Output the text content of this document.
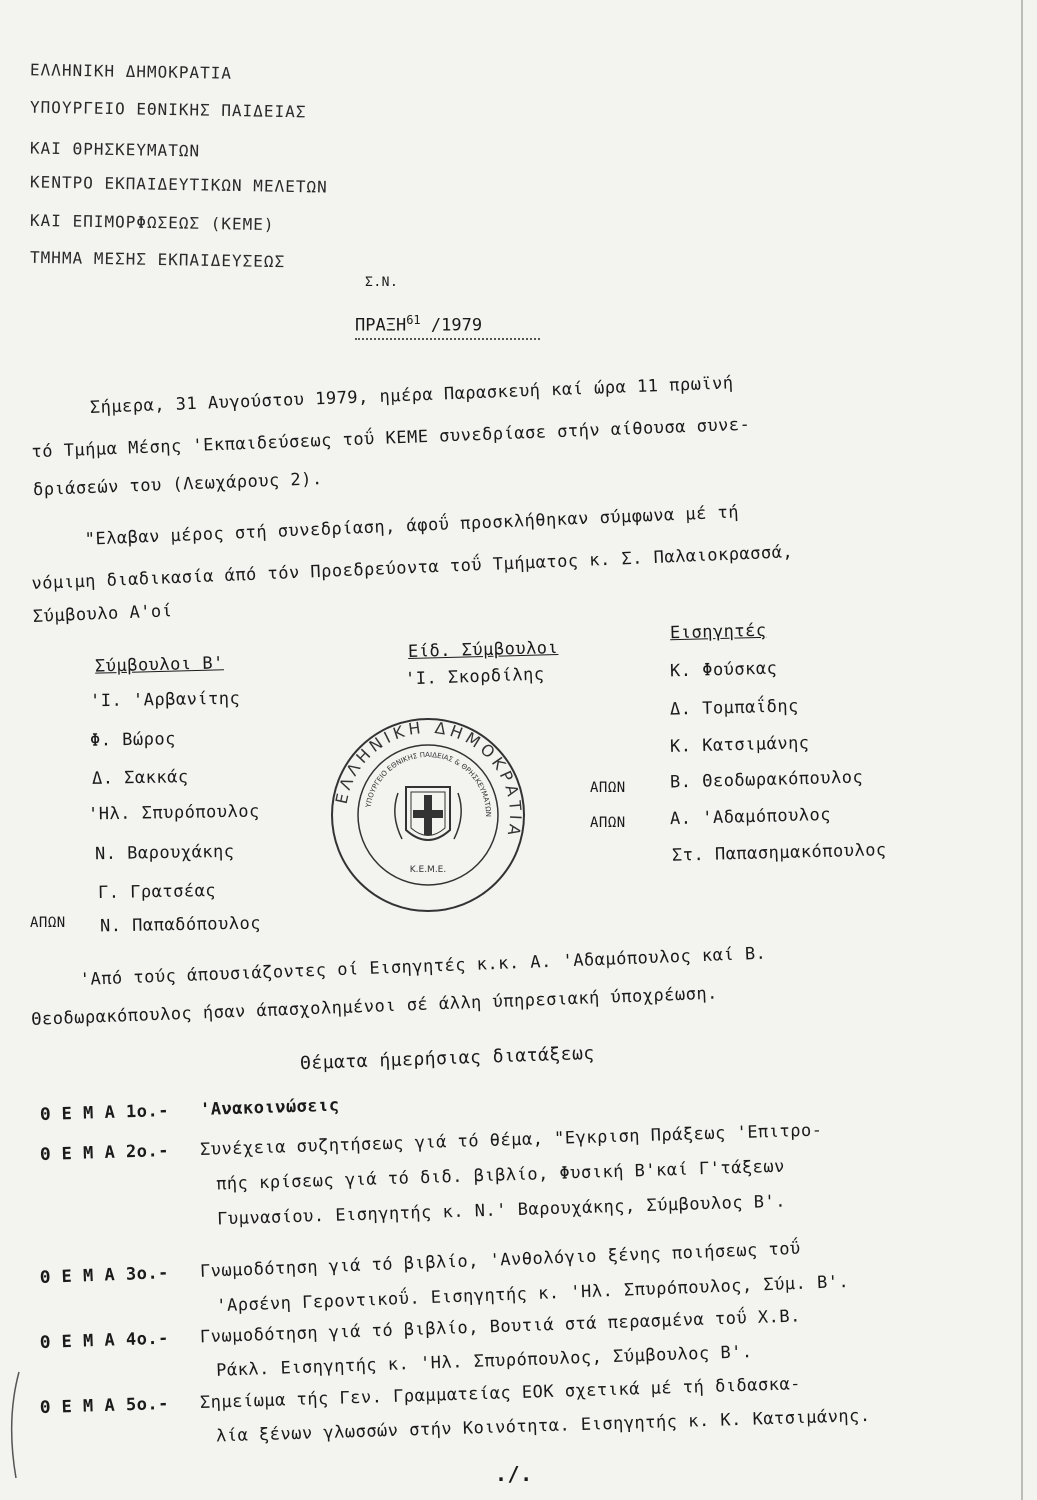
ΕΛΛΗΝΙΚΗ ΔΗΜΟΚΡΑΤΙΑ
ΥΠΟΥΡΓΕΙΟ ΕΘΝΙΚΗΣ ΠΑΙΔΕΙΑΣ
ΚΑΙ ΘΡΗΣΚΕΥΜΑΤΩΝ
ΚΕΝΤΡΟ ΕΚΠΑΙΔΕΥΤΙΚΩΝ ΜΕΛΕΤΩΝ
ΚΑΙ ΕΠΙΜΟΡΦΩΣΕΩΣ (ΚΕΜΕ)
ΤΜΗΜΑ ΜΕΣΗΣ ΕΚΠΑΙΔΕΥΣΕΩΣ
Σ.Ν.
ΠΡΑΞΗ$^{61}$ /1979
Σήμερα, 31 Αυγούστου 1979, ημέρα Παρασκευή καί ώρα 11 πρωϊνή
τό Τμήμα Μέσης 'Εκπαιδεύσεως τοΰ ΚΕΜΕ συνεδρίασε στήν αίθουσα συνε-
δριάσεών του (Λεωχάρους 2).
"Ελαβαν μέρος στή συνεδρίαση, άφοΰ προσκλήθηκαν σύμφωνα μέ τή
νόμιμη διαδικασία άπό τόν Προεδρεύοντα τοΰ Τμήματος κ. Σ. Παλαιοκρασσά,
Σύμβουλο Α'οί
Σύμβουλοι Β'
Είδ. Σύμβουλοι
Εισηγητές
'Ι. 'Αρβανίτης
Φ. Βώρος
Δ. Σακκάς
'Ηλ. Σπυρόπουλος
Ν. Βαρουχάκης
Γ. Γρατσέας
ΑΠΩΝ Ν. Παπαδόπουλος
'Ι. Σκορδίλης	Κ. Φούσκας
Δ. Τομπαΐδης
Κ. Κατσιμάνης
ΑΠΩΝ	Β. Θεοδωρακόπουλος
ΑΠΩΝ	Α. 'Αδαμόπουλος
Στ. Παπασημακόπουλος
ΕΛΛΗΝΙΚΗ ΔΗΜΟΚΡΑΤΙΑ
ΥΠΟΥΡΓΕΙΟ ΕΘΝΙΚΗΣ ΠΑΙΔΕΙΑΣ & ΘΡΗΣΚΕΥΜΑΤΩΝ
Κ.Ε.Μ.Ε.
'Από τούς άπουσιάζοντες οί Εισηγητές κ.κ. Α. 'Αδαμόπουλος καί Β.
Θεοδωρακόπουλος ήσαν άπασχολημένοι σέ άλλη ύπηρεσιακή ύποχρέωση.
Θέματα ήμερήσιας διατάξεως
Θ Ε Μ Α 1ο.- 'Ανακοινώσεις
Θ Ε Μ Α 2ο.- Συνέχεια συζητήσεως γιά τό θέμα, "Εγκριση Πράξεως 'Επιτρο-
πής κρίσεως γιά τό διδ. βιβλίο, Φυσική Β'καί Γ'τάξεων
Γυμνασίου. Εισηγητής κ. Ν.' Βαρουχάκης, Σύμβουλος Β'.
Θ Ε Μ Α 3ο.- Γνωμοδότηση γιά τό βιβλίο, 'Ανθολόγιο ξένης ποιήσεως τοΰ
'Αρσένη Γεροντικοΰ. Εισηγητής κ. 'Ηλ. Σπυρόπουλος, Σύμ. Β'.
Θ Ε Μ Α 4ο.- Γνωμοδότηση γιά τό βιβλίο, Βουτιά στά περασμένα τοΰ Χ.Β.
Ράκλ. Εισηγητής κ. 'Ηλ. Σπυρόπουλος, Σύμβουλος Β'.
Θ Ε Μ Α 5ο.- Σημείωμα τής Γεν. Γραμματείας ΕΟΚ σχετικά μέ τή διδασκα-
λία ξένων γλωσσών στήν Κοινότητα. Εισηγητής κ. Κ. Κατσιμάνης.
./.
